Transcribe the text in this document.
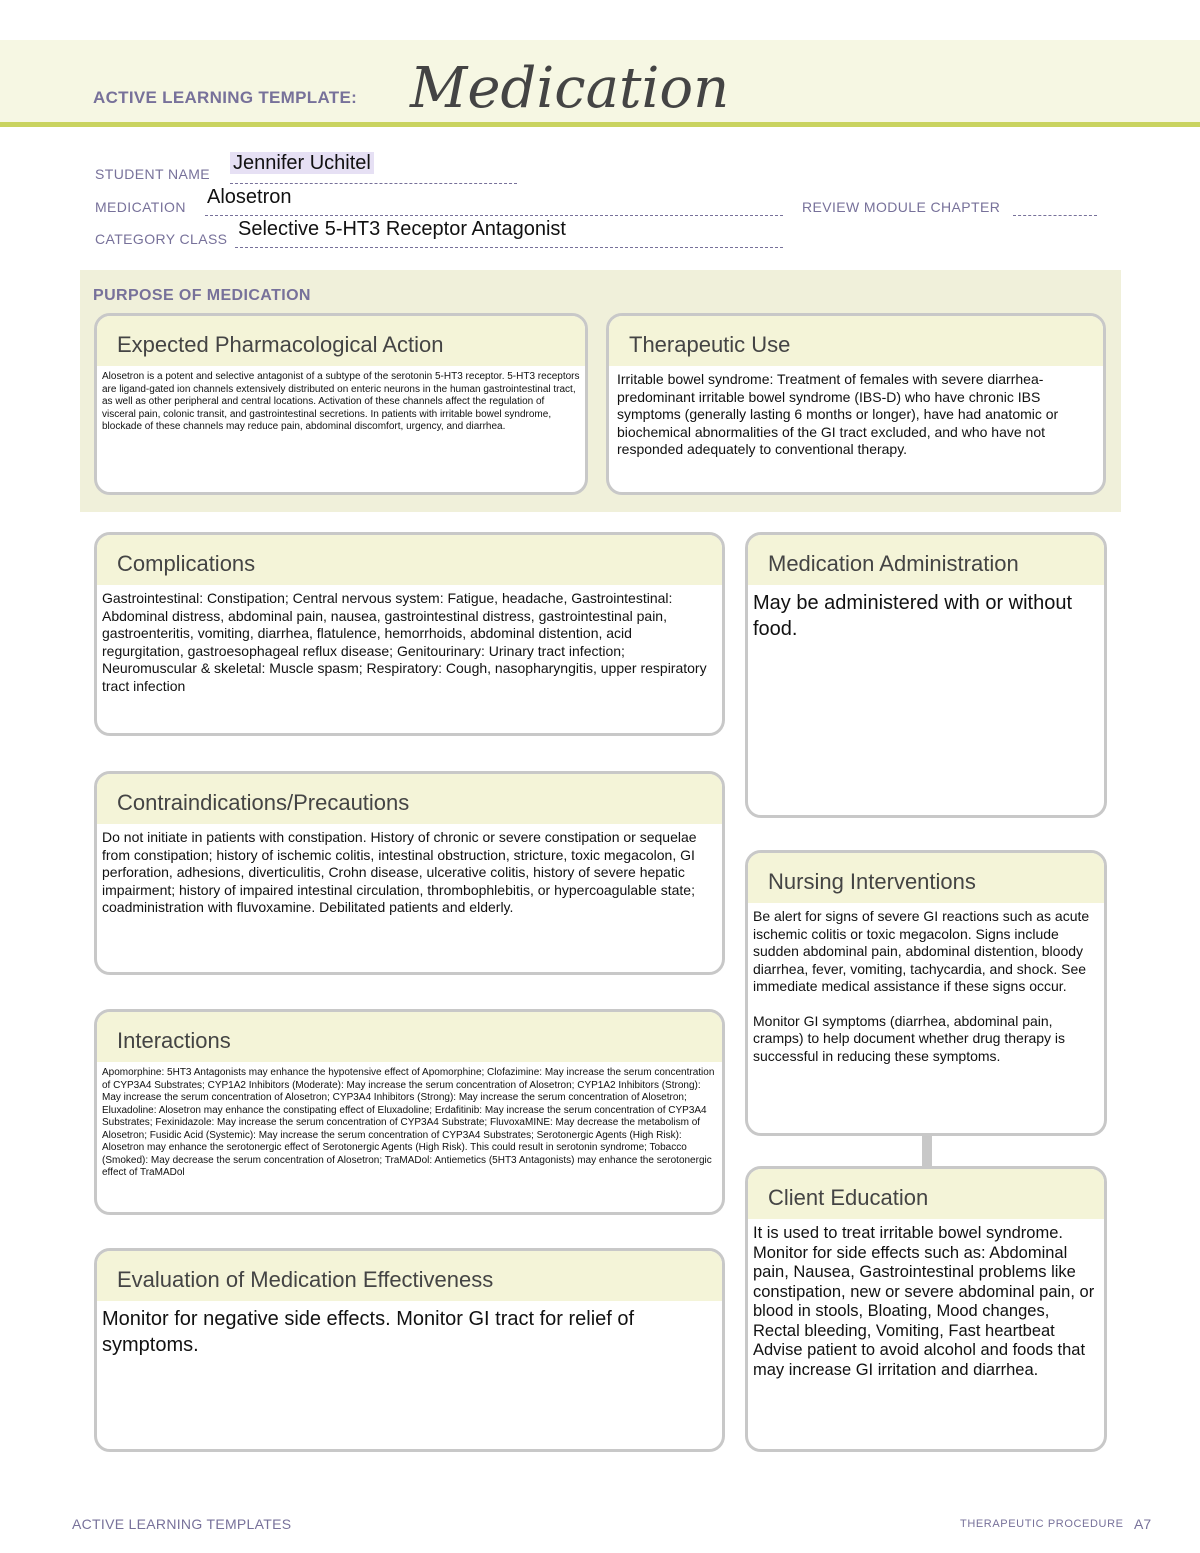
ACTIVE LEARNING TEMPLATE: Medication
STUDENT NAME Jennifer Uchitel
MEDICATION Alosetron	REVIEW MODULE CHAPTER
CATEGORY CLASS Selective 5-HT3 Receptor Antagonist
PURPOSE OF MEDICATION
Expected Pharmacological Action
Alosetron is a potent and selective antagonist of a subtype of the serotonin 5-HT3 receptor. 5-HT3 receptors are ligand-gated ion channels extensively distributed on enteric neurons in the human gastrointestinal tract, as well as other peripheral and central locations. Activation of these channels affect the regulation of visceral pain, colonic transit, and gastrointestinal secretions. In patients with irritable bowel syndrome, blockade of these channels may reduce pain, abdominal discomfort, urgency, and diarrhea.
Therapeutic Use
Irritable bowel syndrome: Treatment of females with severe diarrhea-predominant irritable bowel syndrome (IBS-D) who have chronic IBS symptoms (generally lasting 6 months or longer), have had anatomic or biochemical abnormalities of the GI tract excluded, and who have not responded adequately to conventional therapy.
Complications
Gastrointestinal: Constipation; Central nervous system: Fatigue, headache, Gastrointestinal: Abdominal distress, abdominal pain, nausea, gastrointestinal distress, gastrointestinal pain, gastroenteritis, vomiting, diarrhea, flatulence, hemorrhoids, abdominal distention, acid regurgitation, gastroesophageal reflux disease; Genitourinary: Urinary tract infection; Neuromuscular & skeletal: Muscle spasm; Respiratory: Cough, nasopharyngitis, upper respiratory tract infection
Medication Administration
May be administered with or without food.
Contraindications/Precautions
Do not initiate in patients with constipation. History of chronic or severe constipation or sequelae from constipation; history of ischemic colitis, intestinal obstruction, stricture, toxic megacolon, GI perforation, adhesions, diverticulitis, Crohn disease, ulcerative colitis, history of severe hepatic impairment; history of impaired intestinal circulation, thrombophlebitis, or hypercoagulable state; coadministration with fluvoxamine. Debilitated patients and elderly.
Nursing Interventions
Be alert for signs of severe GI reactions such as acute ischemic colitis or toxic megacolon. Signs include sudden abdominal pain, abdominal distention, bloody diarrhea, fever, vomiting, tachycardia, and shock. See immediate medical assistance if these signs occur.
Monitor GI symptoms (diarrhea, abdominal pain, cramps) to help document whether drug therapy is successful in reducing these symptoms.
Interactions
Apomorphine: 5HT3 Antagonists may enhance the hypotensive effect of Apomorphine; Clofazimine: May increase the serum concentration of CYP3A4 Substrates; CYP1A2 Inhibitors (Moderate): May increase the serum concentration of Alosetron; CYP1A2 Inhibitors (Strong): May increase the serum concentration of Alosetron; CYP3A4 Inhibitors (Strong): May increase the serum concentration of Alosetron; Eluxadoline: Alosetron may enhance the constipating effect of Eluxadoline; Erdafitinib: May increase the serum concentration of CYP3A4 Substrates; Fexinidazole: May increase the serum concentration of CYP3A4 Substrate; FluvoxaMINE: May decrease the metabolism of Alosetron; Fusidic Acid (Systemic): May increase the serum concentration of CYP3A4 Substrates; Serotonergic Agents (High Risk): Alosetron may enhance the serotonergic effect of Serotonergic Agents (High Risk). This could result in serotonin syndrome; Tobacco (Smoked): May decrease the serum concentration of Alosetron; TraMADol: Antiemetics (5HT3 Antagonists) may enhance the serotonergic effect of TraMADol
Client Education
It is used to treat irritable bowel syndrome. Monitor for side effects such as: Abdominal pain, Nausea, Gastrointestinal problems like constipation, new or severe abdominal pain, or blood in stools, Bloating, Mood changes, Rectal bleeding, Vomiting, Fast heartbeat
Advise patient to avoid alcohol and foods that may increase GI irritation and diarrhea.
Evaluation of Medication Effectiveness
Monitor for negative side effects. Monitor GI tract for relief of symptoms.
ACTIVE LEARNING TEMPLATES	THERAPEUTIC PROCEDURE A7
